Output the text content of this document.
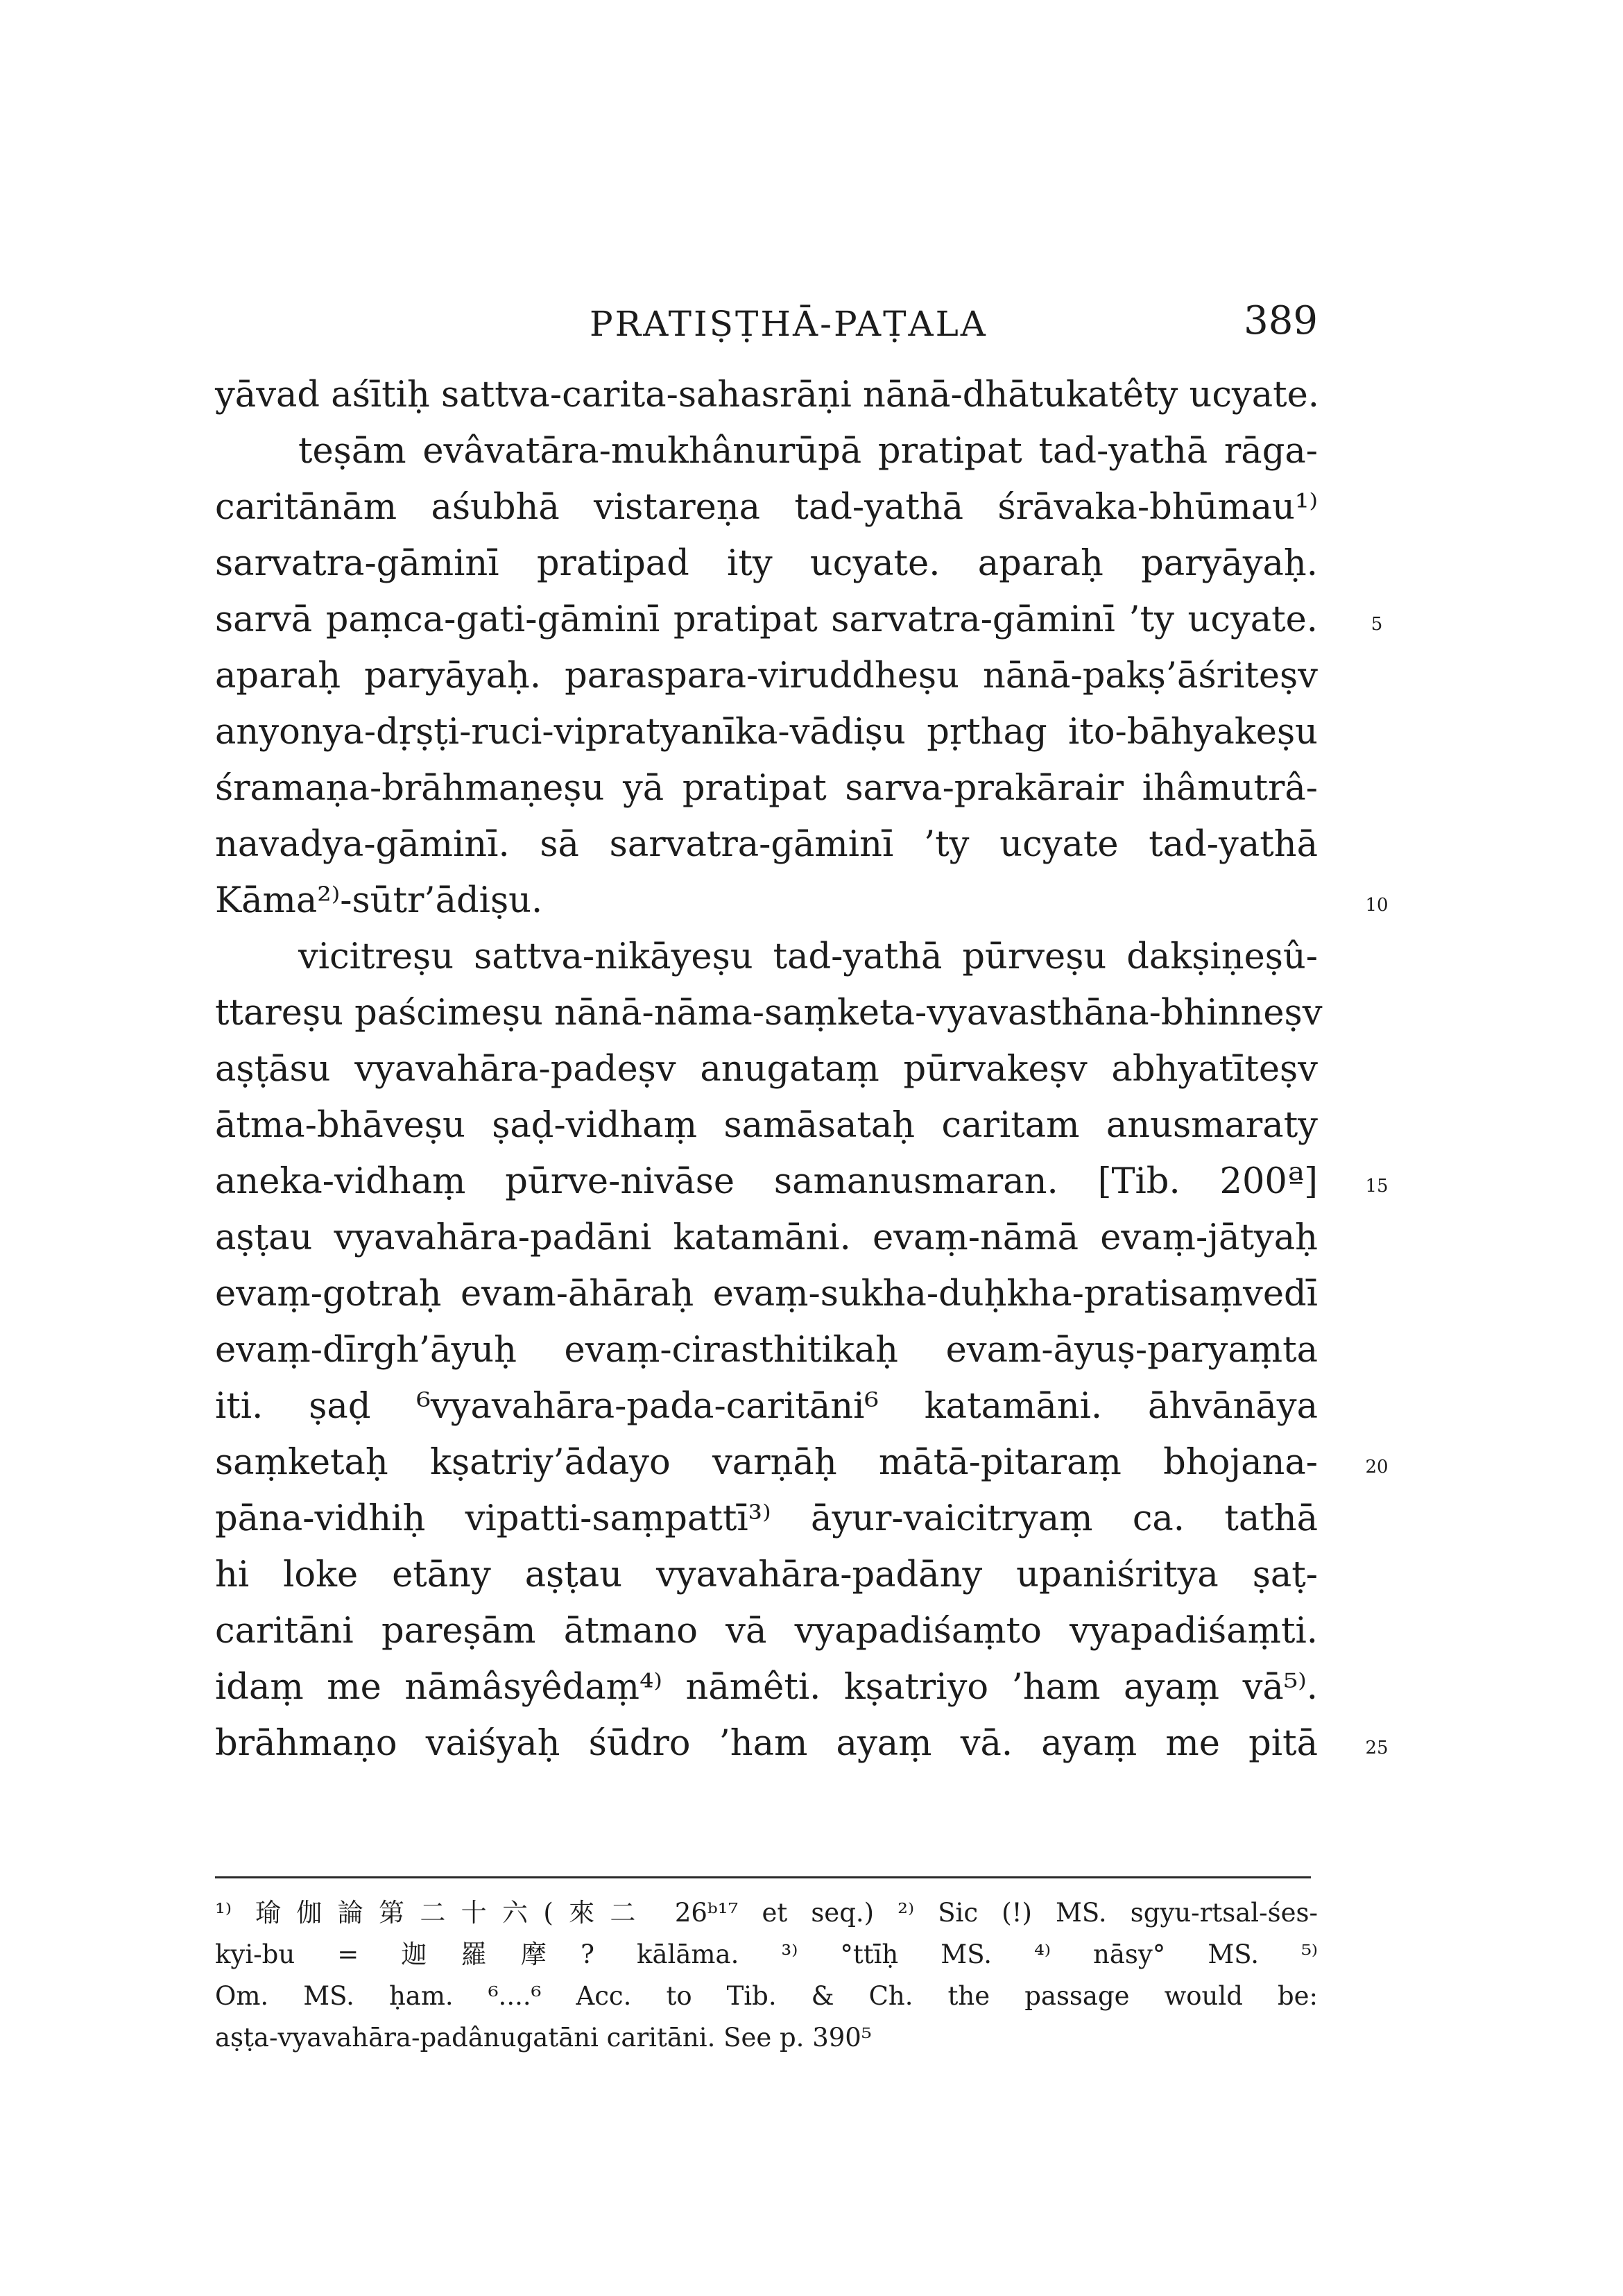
PRATIṢṬHĀ-PAṬALA	389
yāvad aśītiḥ sattva-carita-sahasrāṇi nānā-dhātukatêty ucyate.
teṣām evâvatāra-mukhânurūpā pratipat tad-yathā rāga-
caritānām aśubhā vistareṇa tad-yathā śrāvaka-bhūmau¹⁾
sarvatra-gāminī pratipad ity ucyate. aparaḥ paryāyaḥ.
sarvā paṃca-gati-gāminī pratipat sarvatra-gāminī ’ty ucyate.
aparaḥ paryāyaḥ. paraspara-viruddheṣu nānā-pakṣ’āśriteṣv
anyonya-dṛṣṭi-ruci-vipratyanīka-vādiṣu pṛthag ito-bāhyakeṣu
śramaṇa-brāhmaṇeṣu yā pratipat sarva-prakārair ihâmutrâ-
navadya-gāminī. sā sarvatra-gāminī ’ty ucyate tad-yathā
Kāma²⁾-sūtr’ādiṣu.
vicitreṣu sattva-nikāyeṣu tad-yathā pūrveṣu dakṣiṇeṣû-
ttareṣu paścimeṣu nānā-nāma-saṃketa-vyavasthāna-bhinneṣv
aṣṭāsu vyavahāra-padeṣv anugataṃ pūrvakeṣv abhyatīteṣv
ātma-bhāveṣu ṣaḍ-vidhaṃ samāsataḥ caritam anusmaraty
aneka-vidhaṃ pūrve-nivāse samanusmaran. [Tib. 200ª]
aṣṭau vyavahāra-padāni katamāni. evaṃ-nāmā evaṃ-jātyaḥ
evaṃ-gotraḥ evam-āhāraḥ evaṃ-sukha-duḥkha-pratisaṃvedī
evaṃ-dīrgh’āyuḥ evaṃ-cirasthitikaḥ evam-āyuṣ-paryaṃta
iti. ṣaḍ ⁶vyavahāra-pada-caritāni⁶ katamāni. āhvānāya
saṃketaḥ kṣatriy’ādayo varṇāḥ mātā-pitaraṃ bhojana-
pāna-vidhiḥ vipatti-saṃpattī³⁾ āyur-vaicitryaṃ ca. tathā
hi loke etāny aṣṭau vyavahāra-padāny upaniśritya ṣaṭ-
caritāni pareṣām ātmano vā vyapadiśaṃto vyapadiśaṃti.
idaṃ me nāmâsyêdaṃ⁴⁾ nāmêti. kṣatriyo ’ham ayaṃ vā⁵⁾.
brāhmaṇo vaiśyaḥ śūdro ’ham ayaṃ vā. ayaṃ me pitā
5
10
15
20
25
¹⁾ 瑜伽論第二十六(來二 26ᵇ¹⁷ et seq.) ²⁾ Sic (!) MS. sgyu-rtsal-śes-
kyi-bu = 迦羅摩? kālāma. ³⁾ °ttīḥ MS. ⁴⁾ nāsy° MS. ⁵⁾
Om. MS. ḥam. ⁶....⁶ Acc. to Tib. & Ch. the passage would be:
aṣṭa-vyavahāra-padânugatāni caritāni. See p. 390⁵
